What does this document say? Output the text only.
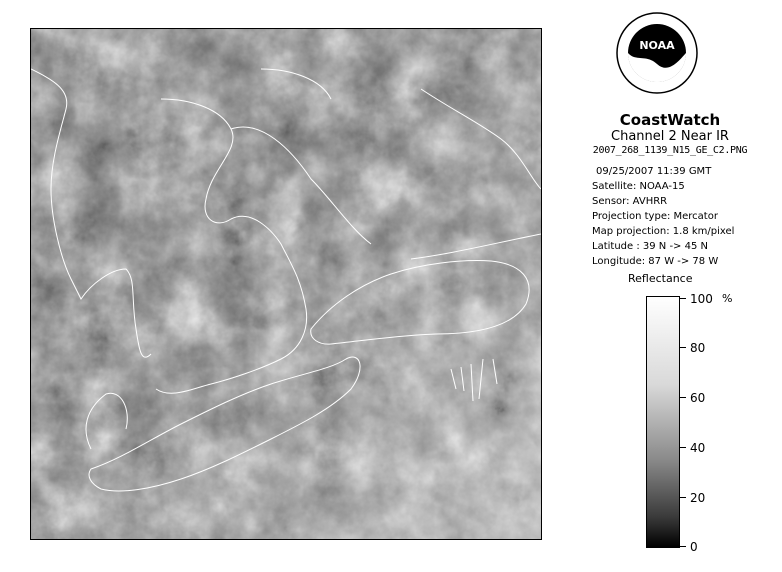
NOAA
CoastWatch
Channel 2 Near IR
2007_268_1139_N15_GE_C2.PNG
09/25/2007 11:39 GMT
Satellite: NOAA-15
Sensor: AVHRR
Projection type: Mercator
Map projection: 1.8 km/pixel
Latitude : 39 N -> 45 N
Longitude: 87 W -> 78 W
Reflectance
%
100
80
60
40
20
0
